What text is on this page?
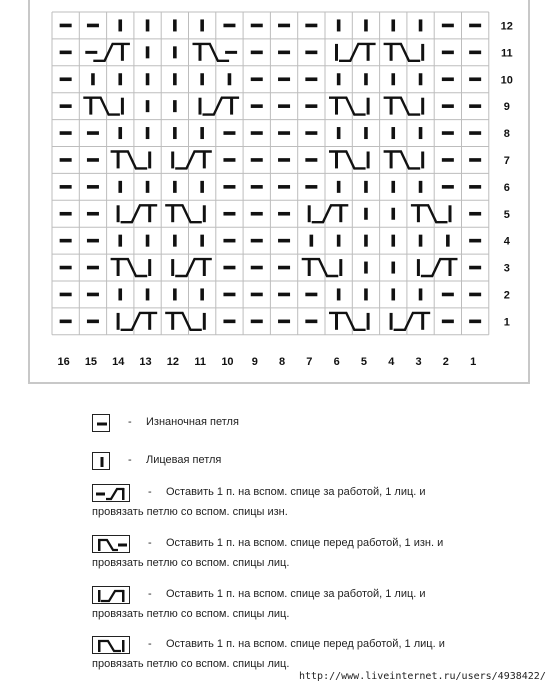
12
11
10
9
8
7
6
5
4
3
2
1
16 15 14 13 12 11 10 9 8 7 6 5 4 3 2 1
- Изнаночная петля
- Лицевая петля
- Оставить 1 п. на вспом. спице за работой, 1 лиц. и
провязать петлю со вспом. спицы изн.
- Оставить 1 п. на вспом. спице перед работой, 1 изн. и
провязать петлю со вспом. спицы лиц.
- Оставить 1 п. на вспом. спице за работой, 1 лиц. и
провязать петлю со вспом. спицы лиц.
- Оставить 1 п. на вспом. спице перед работой, 1 лиц. и
провязать петлю со вспом. спицы лиц.
http://www.liveinternet.ru/users/4938422/
